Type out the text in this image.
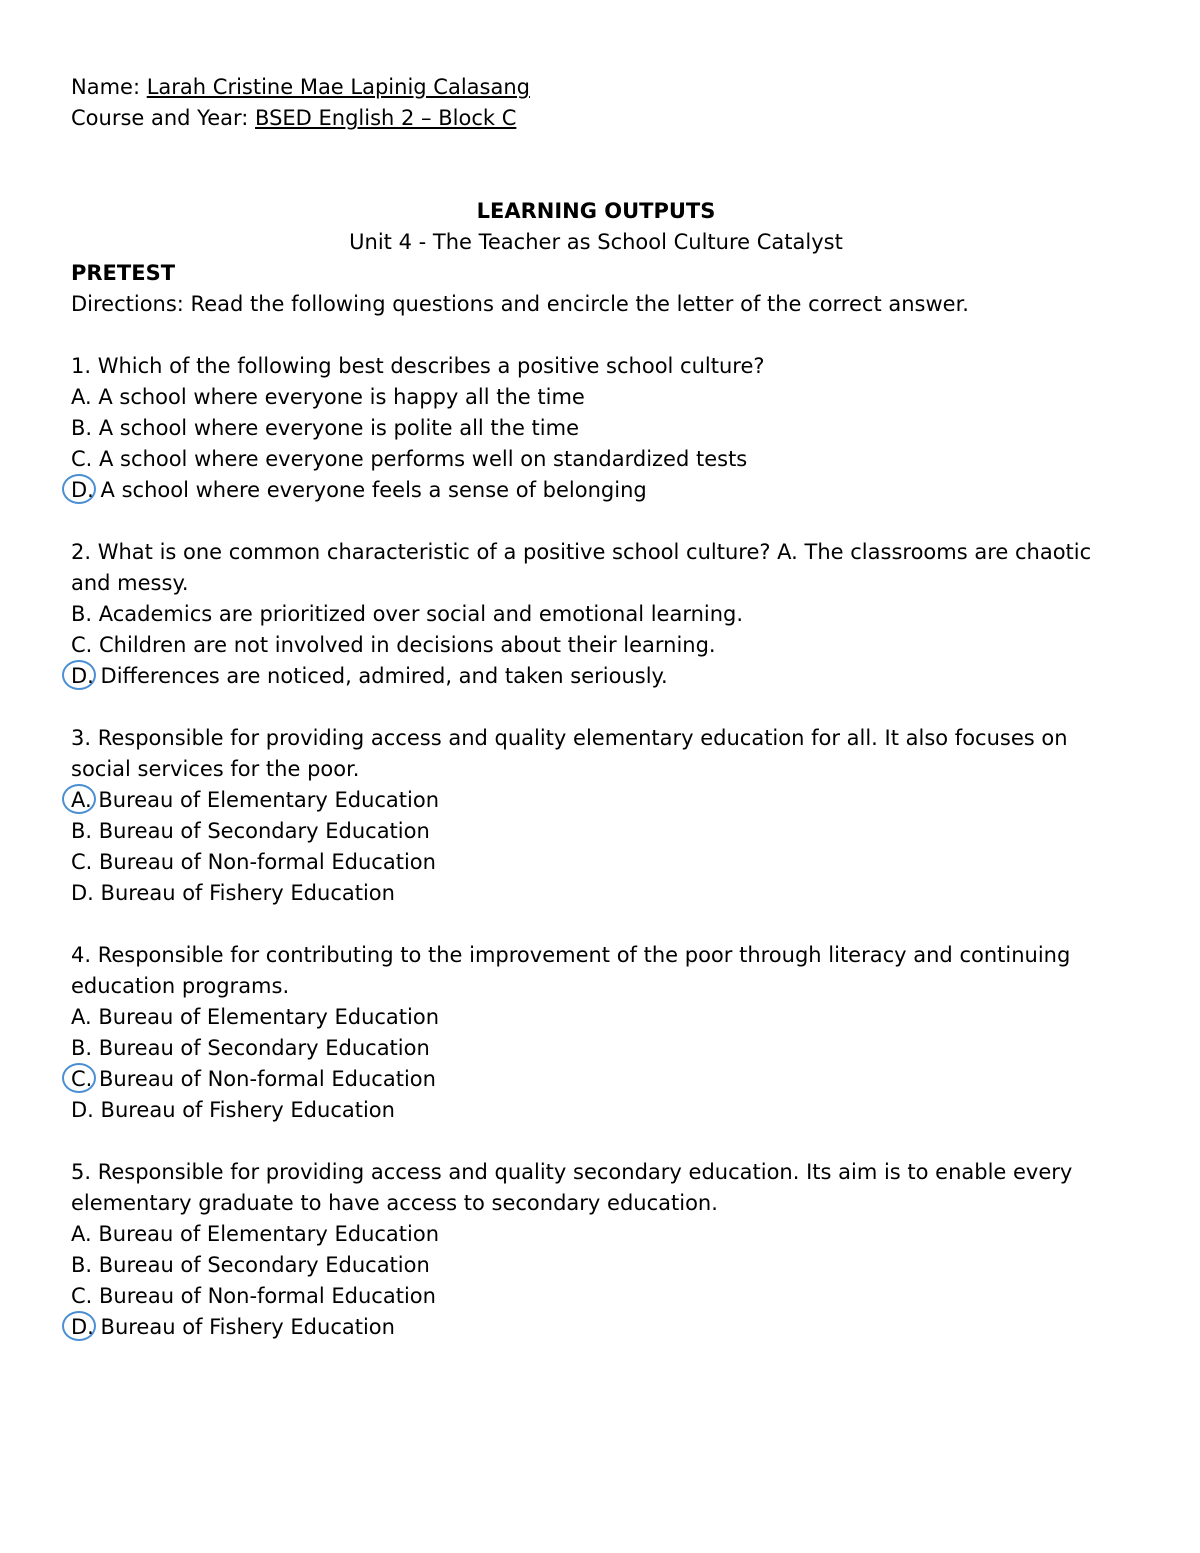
Name: Larah Cristine Mae Lapinig Calasang
Course and Year: BSED English 2 – Block C
LEARNING OUTPUTS
Unit 4 - The Teacher as School Culture Catalyst
PRETEST
Directions: Read the following questions and encircle the letter of the correct answer.
1. Which of the following best describes a positive school culture?
A. A school where everyone is happy all the time
B. A school where everyone is polite all the time
C. A school where everyone performs well on standardized tests
D. A school where everyone feels a sense of belonging
2. What is one common characteristic of a positive school culture? A. The classrooms are chaotic and messy.
B. Academics are prioritized over social and emotional learning.
C. Children are not involved in decisions about their learning.
D. Differences are noticed, admired, and taken seriously.
3. Responsible for providing access and quality elementary education for all. It also focuses on social services for the poor.
A. Bureau of Elementary Education
B. Bureau of Secondary Education
C. Bureau of Non-formal Education
D. Bureau of Fishery Education
4. Responsible for contributing to the improvement of the poor through literacy and continuing education programs.
A. Bureau of Elementary Education
B. Bureau of Secondary Education
C. Bureau of Non-formal Education
D. Bureau of Fishery Education
5. Responsible for providing access and quality secondary education. Its aim is to enable every elementary graduate to have access to secondary education.
A. Bureau of Elementary Education
B. Bureau of Secondary Education
C. Bureau of Non-formal Education
D. Bureau of Fishery Education
